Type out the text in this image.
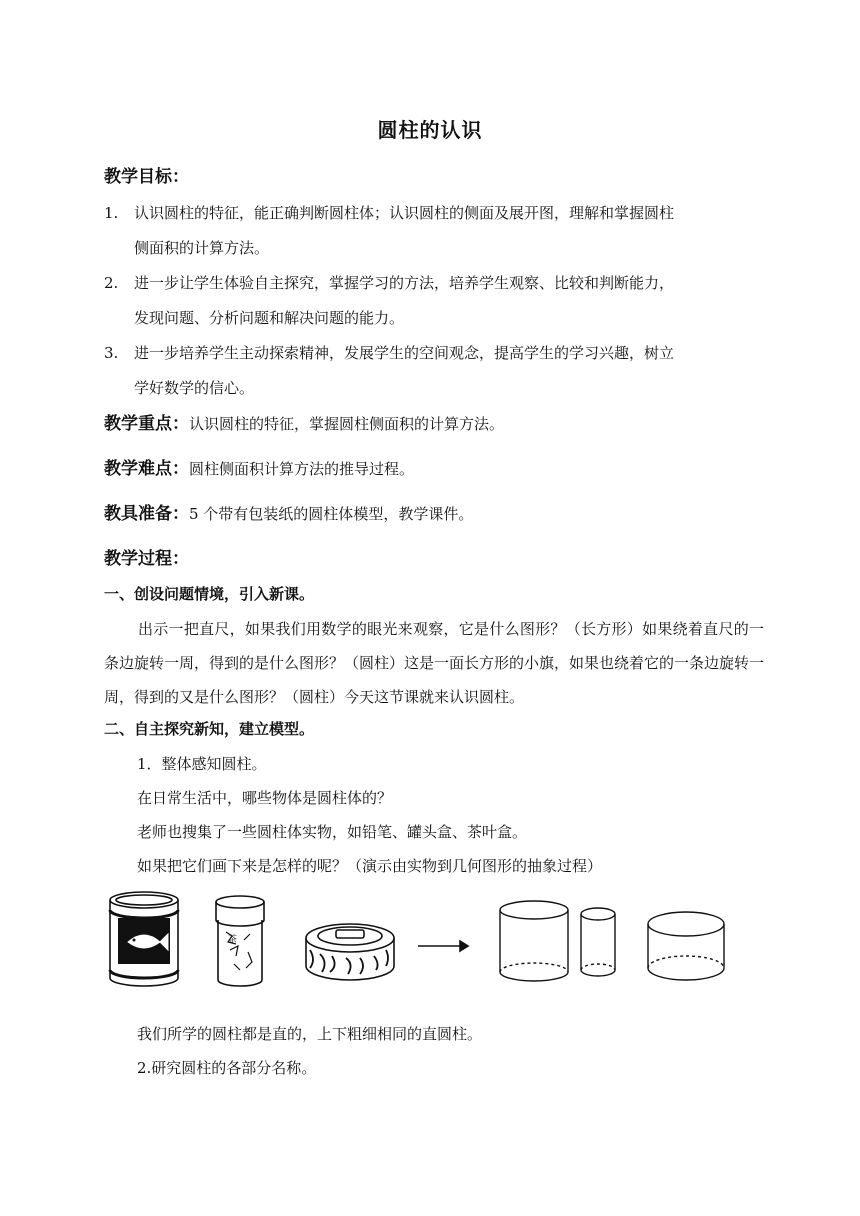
圆柱的认识
教学目标：
1. 认识圆柱的特征，能正确判断圆柱体；认识圆柱的侧面及展开图，理解和掌握圆柱
侧面积的计算方法。
2. 进一步让学生体验自主探究，掌握学习的方法，培养学生观察、比较和判断能力，
发现问题、分析问题和解决问题的能力。
3. 进一步培养学生主动探索精神，发展学生的空间观念，提高学生的学习兴趣，树立
学好数学的信心。
教学重点：认识圆柱的特征，掌握圆柱侧面积的计算方法。
教学难点：圆柱侧面积计算方法的推导过程。
教具准备：5 个带有包装纸的圆柱体模型，教学课件。
教学过程：
一、创设问题情境，引入新课。
出示一把直尺，如果我们用数学的眼光来观察，它是什么图形？（长方形）如果绕着直尺的一条边旋转一周，得到的是什么图形？（圆柱）这是一面长方形的小旗，如果也绕着它的一条边旋转一周，得到的又是什么图形？（圆柱）今天这节课就来认识圆柱。
二、自主探究新知，建立模型。
1．整体感知圆柱。
在日常生活中，哪些物体是圆柱体的？
老师也搜集了一些圆柱体实物，如铅笔、罐头盒、茶叶盒。
如果把它们画下来是怎样的呢？（演示由实物到几何图形的抽象过程）
茶
我们所学的圆柱都是直的，上下粗细相同的直圆柱。
2.研究圆柱的各部分名称。
